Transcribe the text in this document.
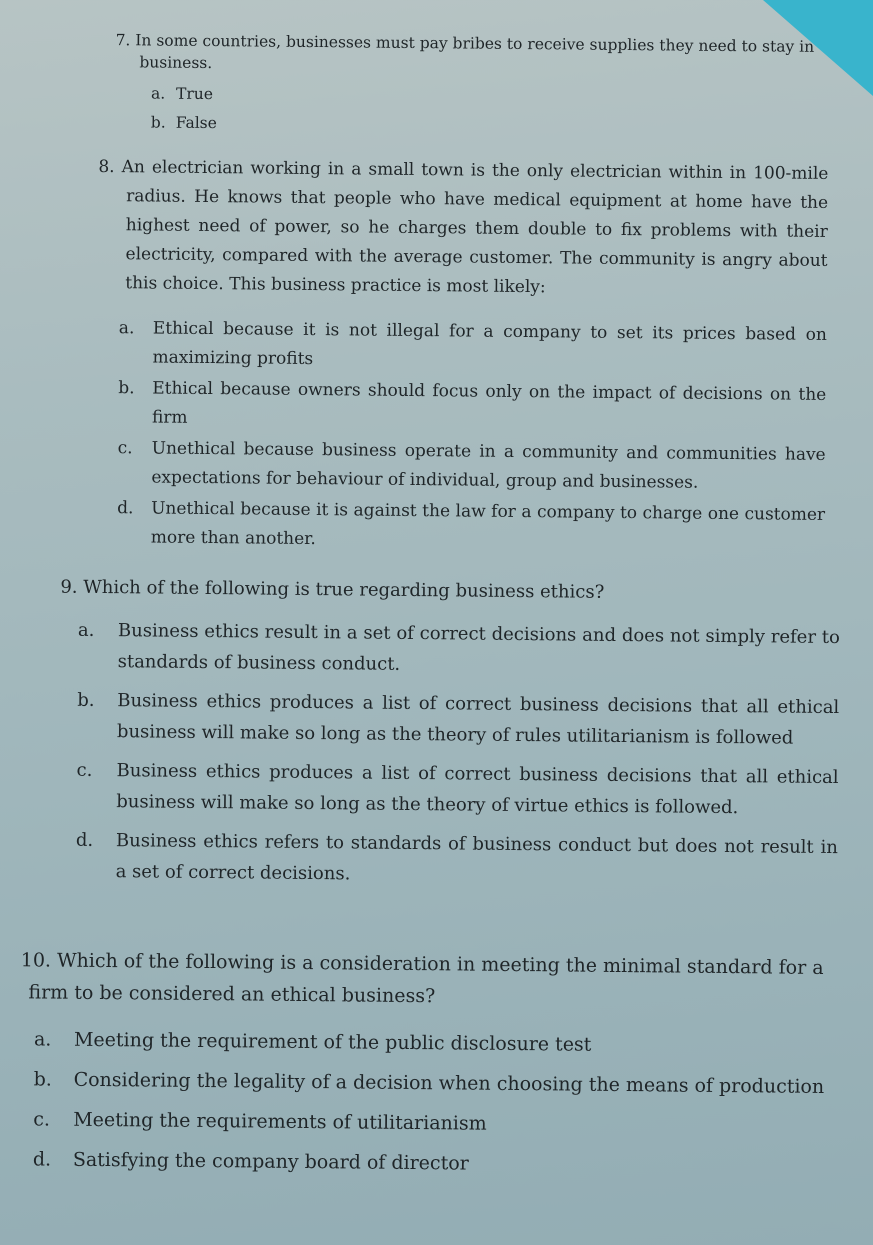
7. In some countries, businesses must pay bribes to receive supplies they need to stay in business.

a. True
b. False

8. An electrician working in a small town is the only electrician within in 100-mile radius. He knows that people who have medical equipment at home have the highest need of power, so he charges them double to fix problems with their electricity, compared with the average customer. The community is angry about this choice. This business practice is most likely:

a.	Ethical because it is not illegal for a company to set its prices based on maximizing profits
b.	Ethical because owners should focus only on the impact of decisions on the firm
c.	Unethical because business operate in a community and communities have expectations for behaviour of individual, group and businesses.
d.	Unethical because it is against the law for a company to charge one customer more than another.

9. Which of the following is true regarding business ethics?

a.	Business ethics result in a set of correct decisions and does not simply refer to standards of business conduct.
b.	Business ethics produces a list of correct business decisions that all ethical business will make so long as the theory of rules utilitarianism is followed
c.	Business ethics produces a list of correct business decisions that all ethical business will make so long as the theory of virtue ethics is followed.
d.	Business ethics refers to standards of business conduct but does not result in a set of correct decisions.

10. Which of the following is a consideration in meeting the minimal standard for a firm to be considered an ethical business?

a.	Meeting the requirement of the public disclosure test
b.	Considering the legality of a decision when choosing the means of production
c.	Meeting the requirements of utilitarianism
d.	Satisfying the company board of director
